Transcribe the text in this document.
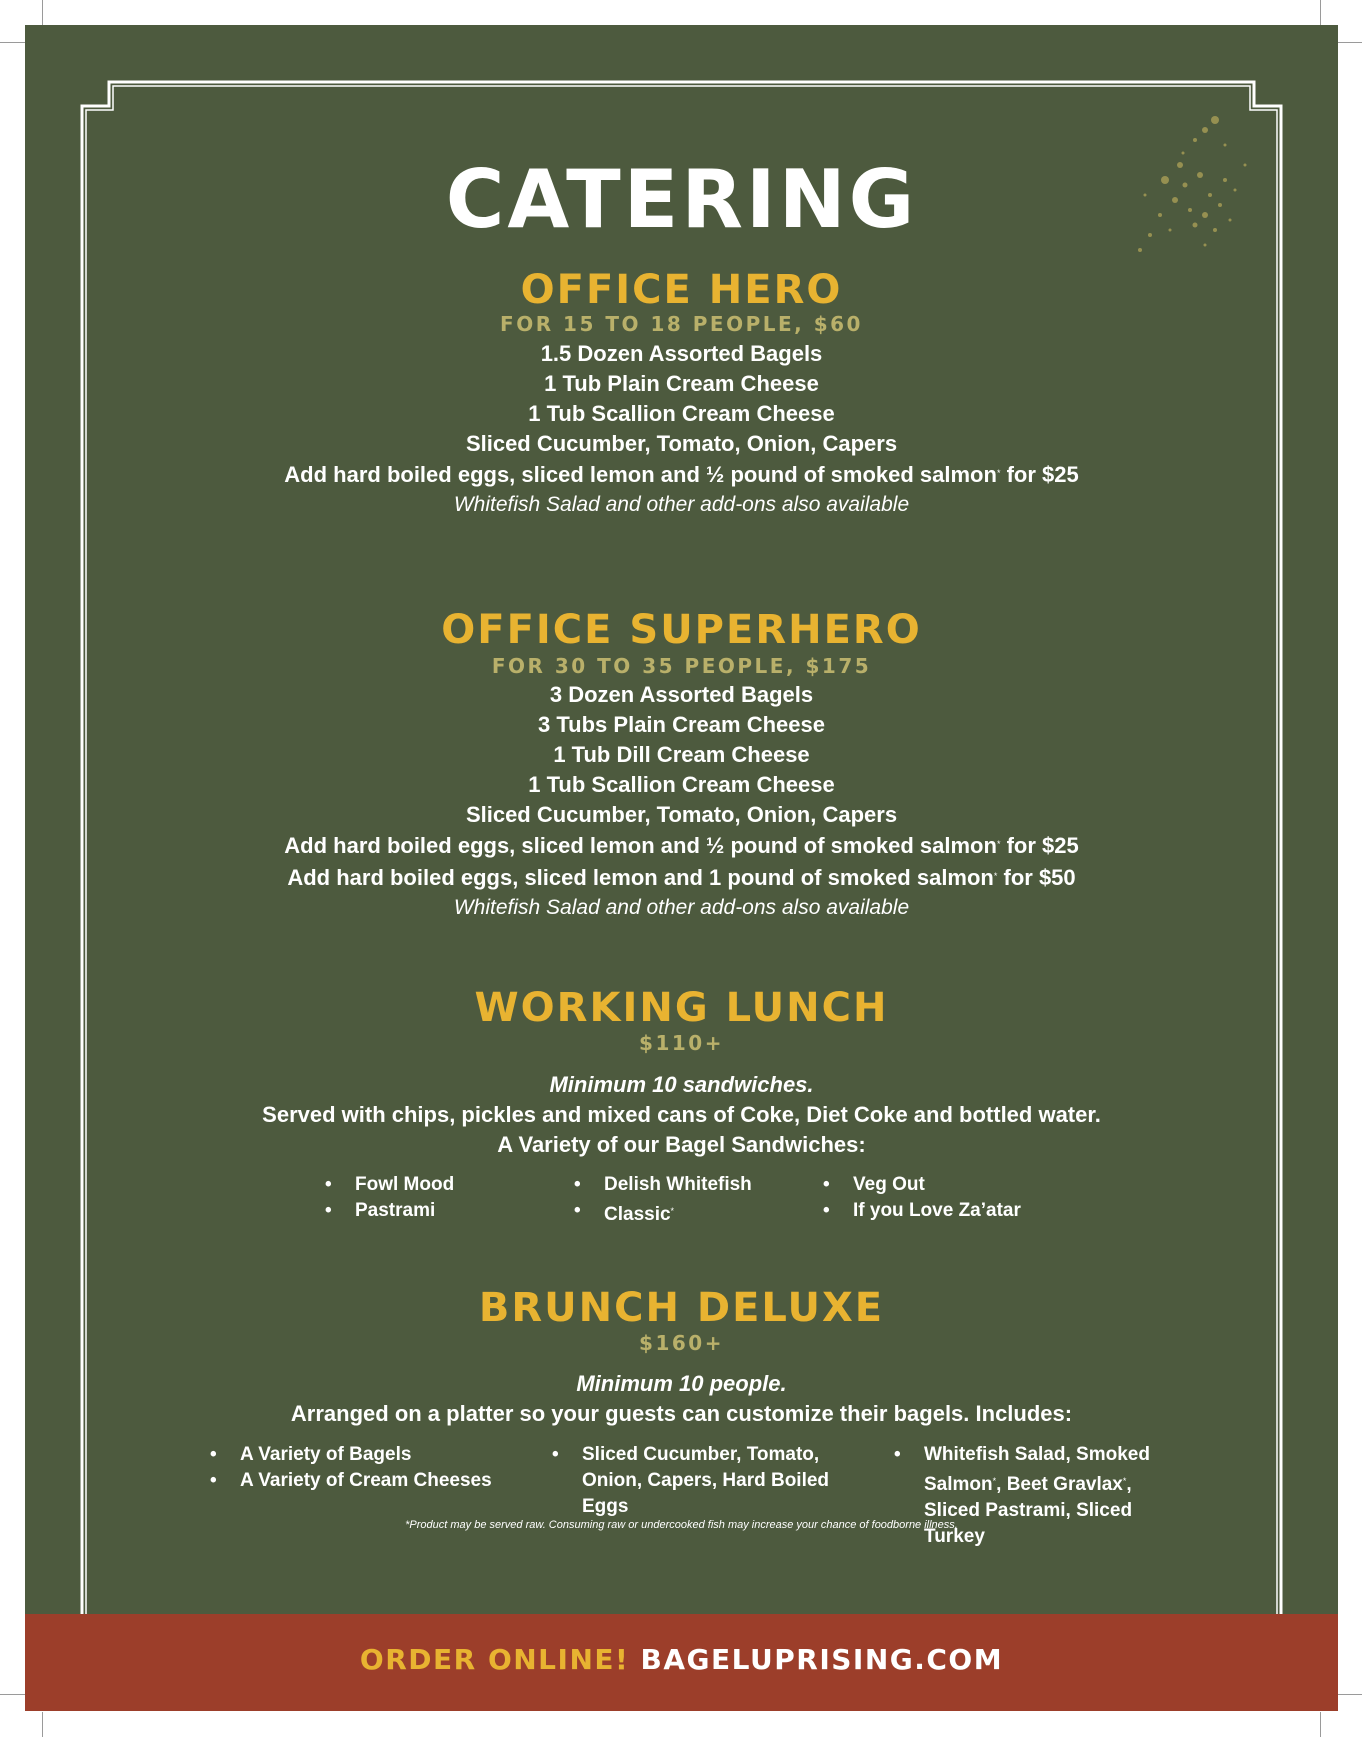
CATERING
OFFICE HERO
FOR 15 TO 18 PEOPLE, $60
1.5 Dozen Assorted Bagels
1 Tub Plain Cream Cheese
1 Tub Scallion Cream Cheese
Sliced Cucumber, Tomato, Onion, Capers
Add hard boiled eggs, sliced lemon and ½ pound of smoked salmon* for $25
Whitefish Salad and other add-ons also available
OFFICE SUPERHERO
FOR 30 TO 35 PEOPLE, $175
3 Dozen Assorted Bagels
3 Tubs Plain Cream Cheese
1 Tub Dill Cream Cheese
1 Tub Scallion Cream Cheese
Sliced Cucumber, Tomato, Onion, Capers
Add hard boiled eggs, sliced lemon and ½ pound of smoked salmon* for $25
Add hard boiled eggs, sliced lemon and 1 pound of smoked salmon* for $50
Whitefish Salad and other add-ons also available
WORKING LUNCH
$110+
Minimum 10 sandwiches.
Served with chips, pickles and mixed cans of Coke, Diet Coke and bottled water.
A Variety of our Bagel Sandwiches:
• Fowl Mood
• Pastrami
• Delish Whitefish
• Classic*
• Veg Out
• If you Love Za’atar
BRUNCH DELUXE
$160+
Minimum 10 people.
Arranged on a platter so your guests can customize their bagels. Includes:
• A Variety of Bagels
• A Variety of Cream Cheeses
• Sliced Cucumber, Tomato, Onion, Capers, Hard Boiled Eggs
• Whitefish Salad, Smoked Salmon*, Beet Gravlax*, Sliced Pastrami, Sliced Turkey
*Product may be served raw. Consuming raw or undercooked fish may increase your chance of foodborne illness.
ORDER ONLINE! BAGELUPRISING.COM
